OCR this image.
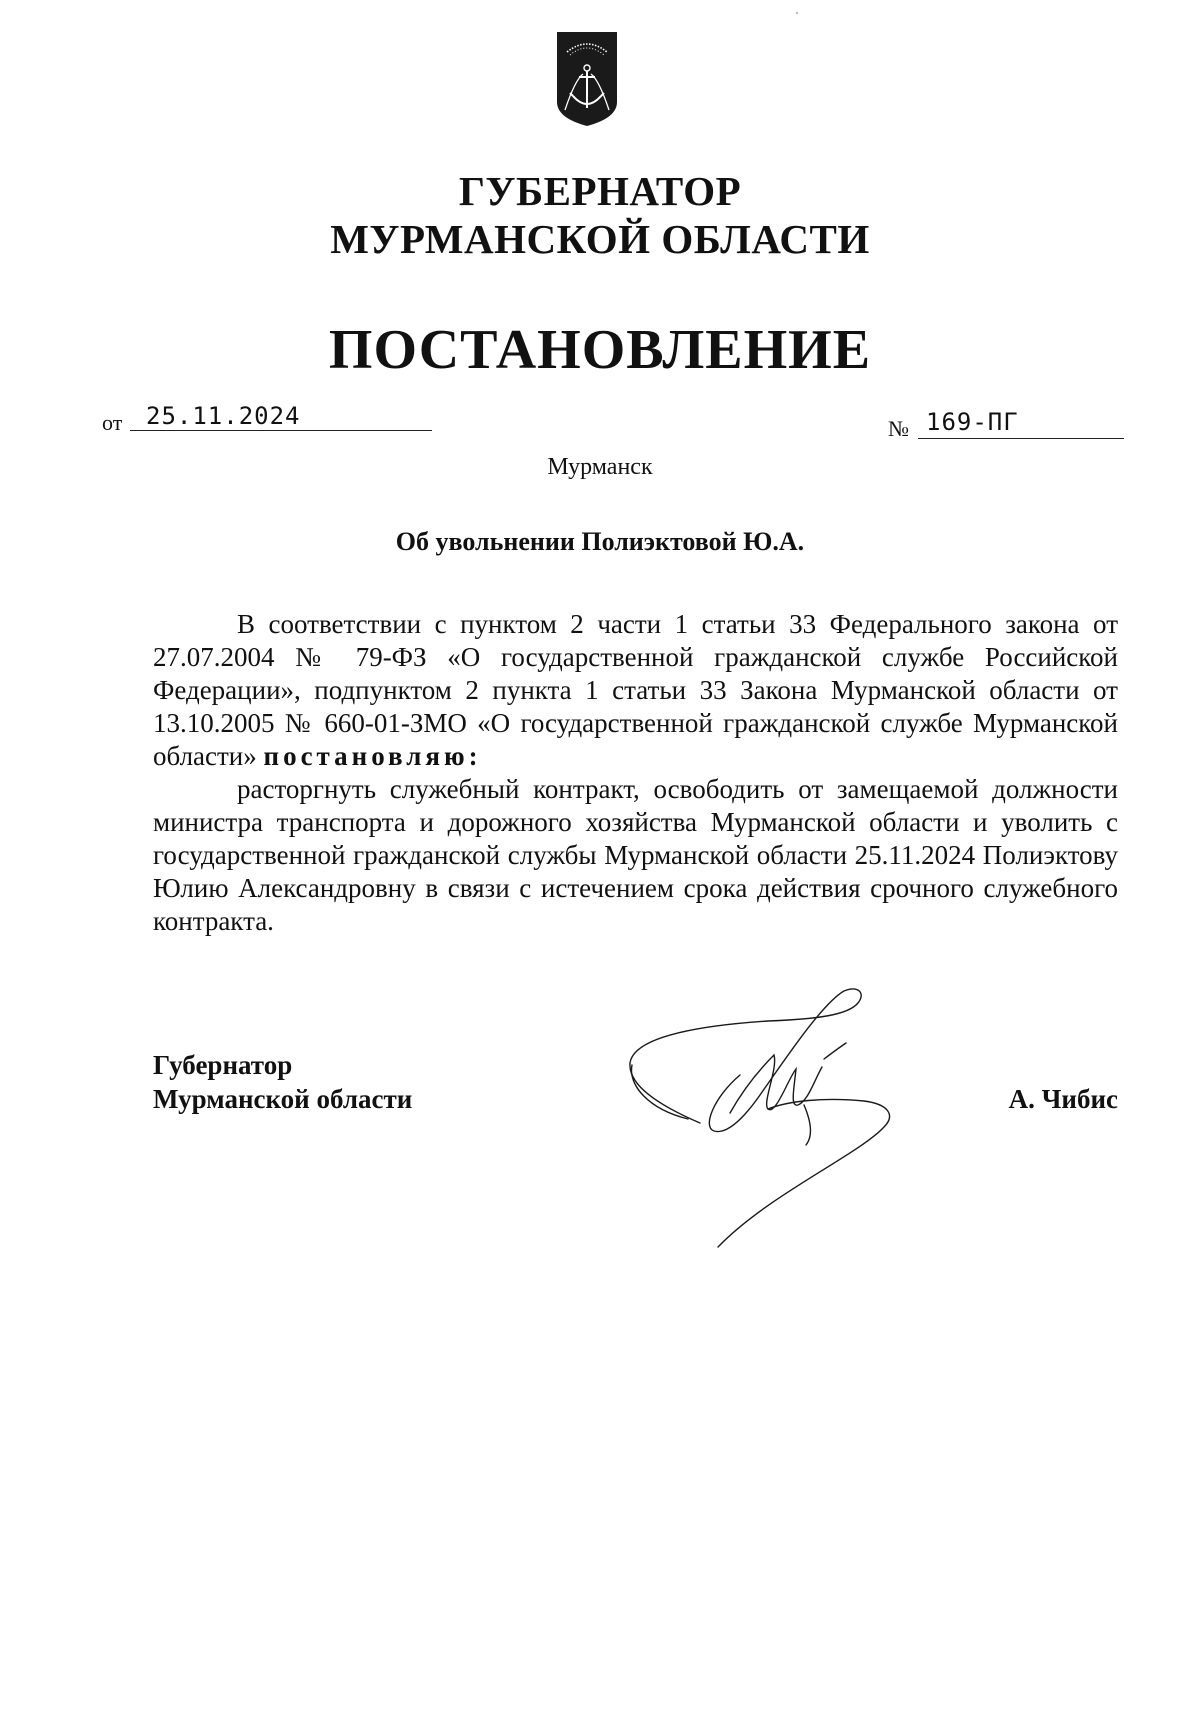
ГУБЕРНАТОР
МУРМАНСКОЙ ОБЛАСТИ
ПОСТАНОВЛЕНИЕ
от 25.11.2024	№ 169-ПГ
Мурманск
Об увольнении Полиэктовой Ю.А.

В соответствии с пунктом 2 части 1 статьи 33 Федерального закона от 27.07.2004 № 79-ФЗ «О государственной гражданской службе Российской Федерации», подпунктом 2 пункта 1 статьи 33 Закона Мурманской области от 13.10.2005 № 660-01-ЗМО «О государственной гражданской службе Мурманской области» постановляю:

расторгнуть служебный контракт, освободить от замещаемой должности министра транспорта и дорожного хозяйства Мурманской области и уволить с государственной гражданской службы Мурманской области 25.11.2024 Полиэктову Юлию Александровну в связи с истечением срока действия срочного служебного контракта.

Губернатор
Мурманской области	А. Чибис
